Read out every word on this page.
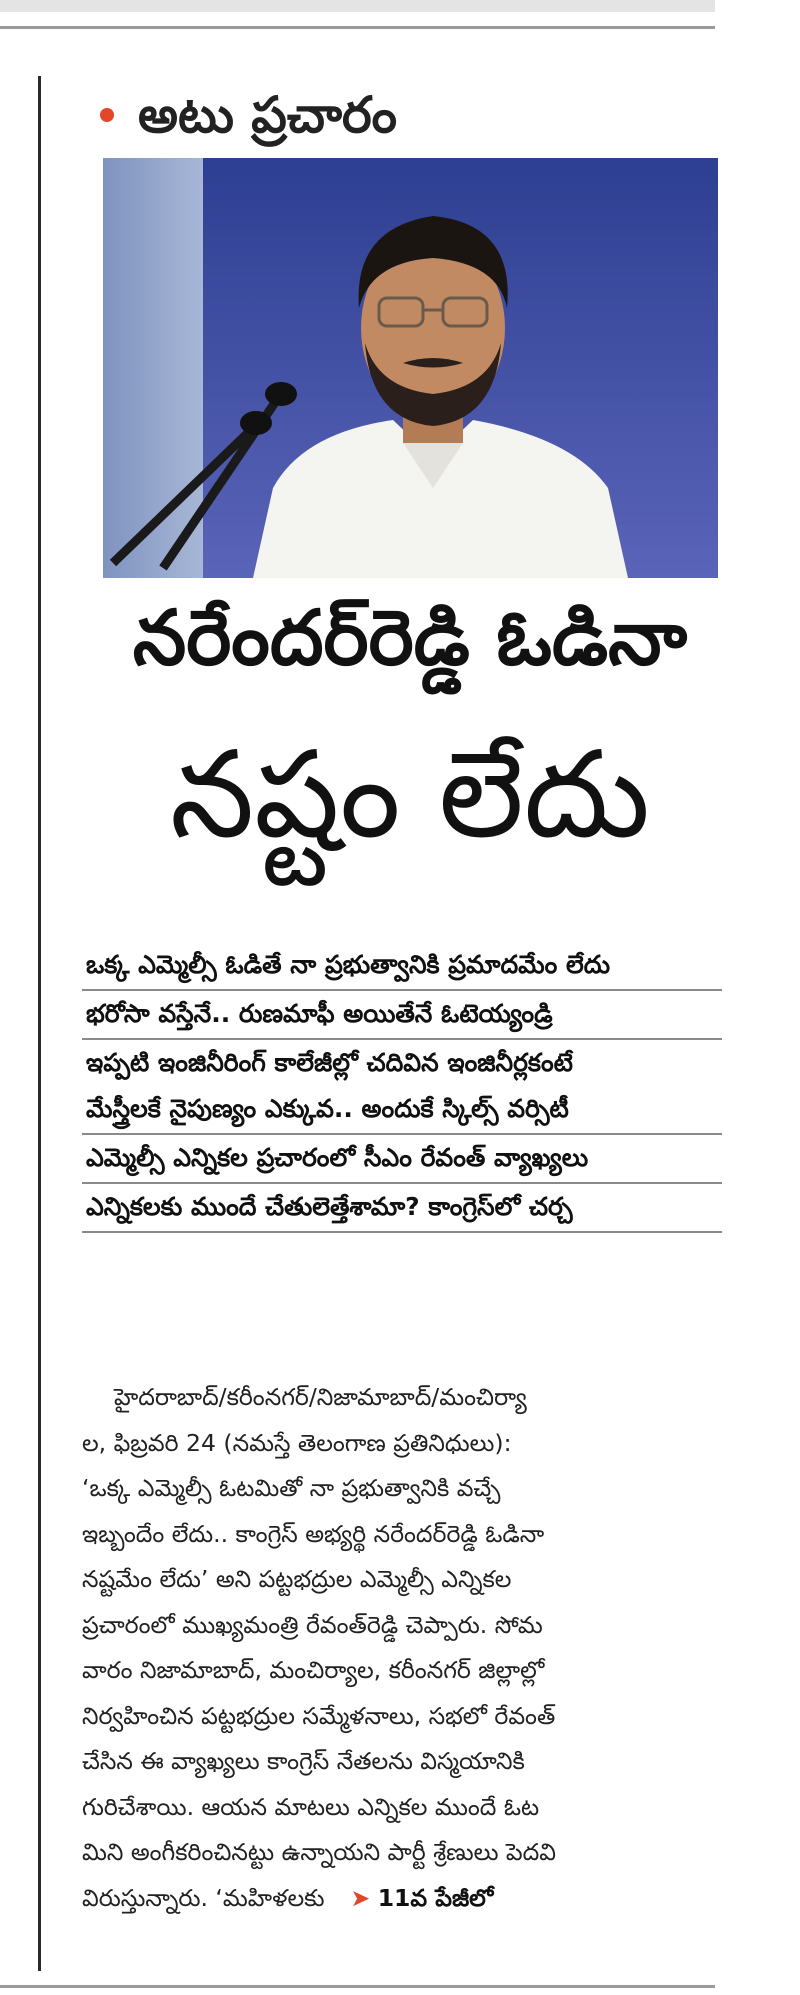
అటు ప్రచారం
నరేందర్‌రెడ్డి ఓడినా
నష్టం లేదు
ఒక్క ఎమ్మెల్సీ ఓడితే నా ప్రభుత్వానికి ప్రమాదమేం లేదు
భరోసా వస్తేనే.. రుణమాఫీ అయితేనే ఓటెయ్యండ్రి
ఇప్పటి ఇంజినీరింగ్ కాలేజీల్లో చదివిన ఇంజినీర్లకంటే
మేస్త్రీలకే నైపుణ్యం ఎక్కువ.. అందుకే స్కిల్స్ వర్సిటీ
ఎమ్మెల్సీ ఎన్నికల ప్రచారంలో సీఎం రేవంత్ వ్యాఖ్యలు
ఎన్నికలకు ముందే చేతులెత్తేశామా? కాంగ్రెస్‌లో చర్చ
హైదరాబాద్/కరీంనగర్/నిజామాబాద్/మంచిర్యా
ల, ఫిబ్రవరి 24 (నమస్తే తెలంగాణ ప్రతినిధులు):
‘ఒక్క ఎమ్మెల్సీ ఓటమితో నా ప్రభుత్వానికి వచ్చే
ఇబ్బందేం లేదు.. కాంగ్రెస్ అభ్యర్థి నరేందర్‌రెడ్డి ఓడినా
నష్టమేం లేదు’ అని పట్టభద్రుల ఎమ్మెల్సీ ఎన్నికల
ప్రచారంలో ముఖ్యమంత్రి రేవంత్‌రెడ్డి చెప్పారు. సోమ
వారం నిజామాబాద్, మంచిర్యాల, కరీంనగర్ జిల్లాల్లో
నిర్వహించిన పట్టభద్రుల సమ్మేళనాలు, సభలో రేవంత్
చేసిన ఈ వ్యాఖ్యలు కాంగ్రెస్ నేతలను విస్మయానికి
గురిచేశాయి. ఆయన మాటలు ఎన్నికల ముందే ఓట
మిని అంగీకరించినట్టు ఉన్నాయని పార్టీ శ్రేణులు పెదవి
విరుస్తున్నారు. ‘మహిళలకు ➤ 11వ పేజీలో
